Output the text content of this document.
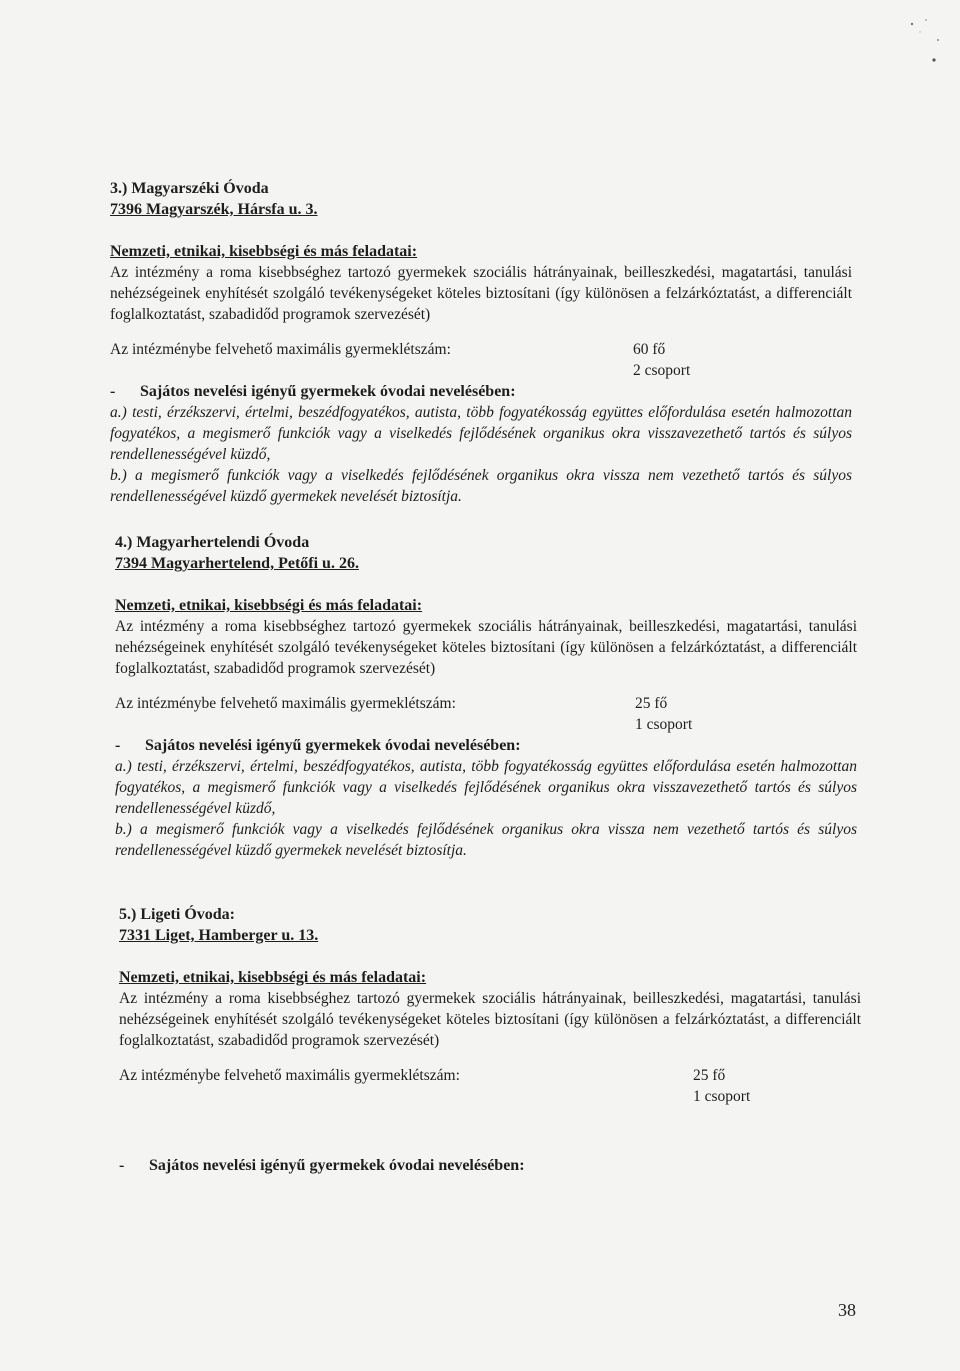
3.) Magyarszéki Óvoda
7396 Magyarszék, Hársfa u. 3.
Nemzeti, etnikai, kisebbségi és más feladatai:
Az intézmény a roma kisebbséghez tartozó gyermekek szociális hátrányainak, beilleszkedési, magatartási, tanulási nehézségeinek enyhítését szolgáló tevékenységeket köteles biztosítani (így különösen a felzárkóztatást, a differenciált foglalkoztatást, szabadidőd programok szervezését)
Az intézménybe felvehető maximális gyermeklétszám:	60 fő
2 csoport
-	Sajátos nevelési igényű gyermekek óvodai nevelésében:
a.) testi, érzékszervi, értelmi, beszédfogyatékos, autista, több fogyatékosság együttes előfordulása esetén halmozottan fogyatékos, a megismerő funkciók vagy a viselkedés fejlődésének organikus okra visszavezethető tartós és súlyos rendellenességével küzdő,
b.) a megismerő funkciók vagy a viselkedés fejlődésének organikus okra vissza nem vezethető tartós és súlyos rendellenességével küzdő gyermekek nevelését biztosítja.
4.) Magyarhertelendi Óvoda
7394 Magyarhertelend, Petőfi u. 26.
Nemzeti, etnikai, kisebbségi és más feladatai:
Az intézmény a roma kisebbséghez tartozó gyermekek szociális hátrányainak, beilleszkedési, magatartási, tanulási nehézségeinek enyhítését szolgáló tevékenységeket köteles biztosítani (így különösen a felzárkóztatást, a differenciált foglalkoztatást, szabadidőd programok szervezését)
Az intézménybe felvehető maximális gyermeklétszám:	25 fő
1 csoport
-	Sajátos nevelési igényű gyermekek óvodai nevelésében:
a.) testi, érzékszervi, értelmi, beszédfogyatékos, autista, több fogyatékosság együttes előfordulása esetén halmozottan fogyatékos, a megismerő funkciók vagy a viselkedés fejlődésének organikus okra visszavezethető tartós és súlyos rendellenességével küzdő,
b.) a megismerő funkciók vagy a viselkedés fejlődésének organikus okra vissza nem vezethető tartós és súlyos rendellenességével küzdő gyermekek nevelését biztosítja.
5.) Ligeti Óvoda:
7331 Liget, Hamberger u. 13.
Nemzeti, etnikai, kisebbségi és más feladatai:
Az intézmény a roma kisebbséghez tartozó gyermekek szociális hátrányainak, beilleszkedési, magatartási, tanulási nehézségeinek enyhítését szolgáló tevékenységeket köteles biztosítani (így különösen a felzárkóztatást, a differenciált foglalkoztatást, szabadidőd programok szervezését)
Az intézménybe felvehető maximális gyermeklétszám:	25 fő
1 csoport
-	Sajátos nevelési igényű gyermekek óvodai nevelésében:
38
